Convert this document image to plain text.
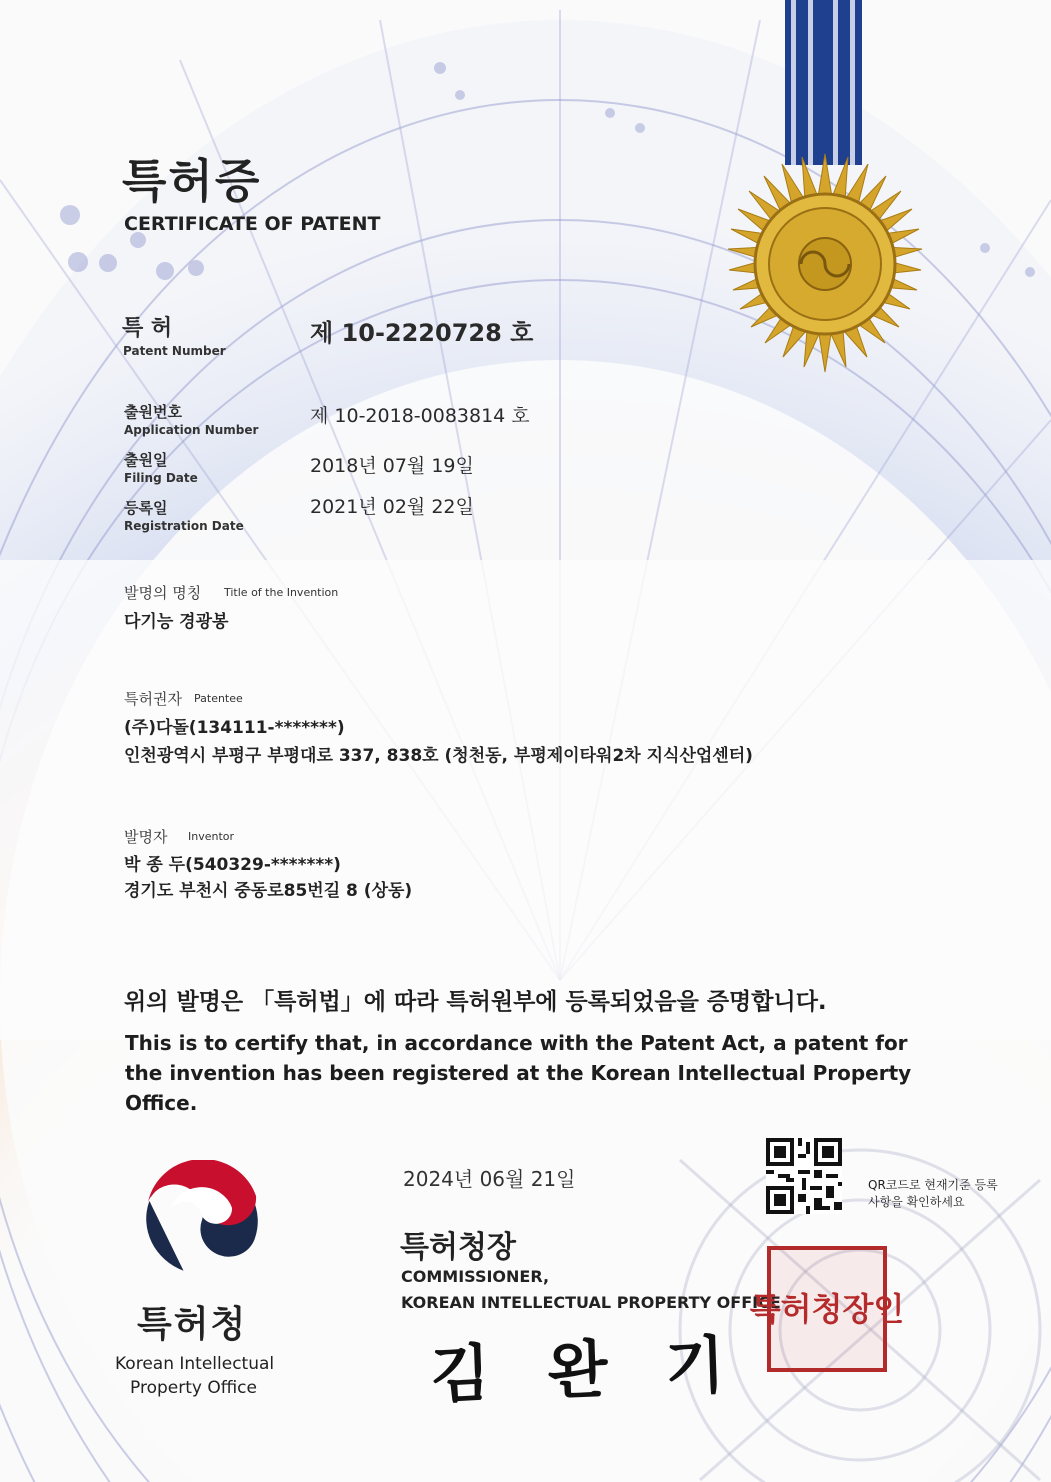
특허증
CERTIFICATE OF PATENT
특 허
Patent Number
제 10-2220728 호
출원번호
Application Number
제 10-2018-0083814 호
출원일
Filing Date
2018년 07월 19일
등록일
Registration Date
2021년 02월 22일
발명의 명칭 Title of the Invention
다기능 경광봉
특허권자 Patentee
(주)다돌(134111-*******)
인천광역시 부평구 부평대로 337, 838호 (청천동, 부평제이타워2차 지식산업센터)
발명자 Inventor
박 종 두(540329-*******)
경기도 부천시 중동로85번길 8 (상동)
위의 발명은 「특허법」에 따라 특허원부에 등록되었음을 증명합니다.
This is to certify that, in accordance with the Patent Act, a patent for the invention has been registered at the Korean Intellectual Property Office.
2024년 06월 21일
특허청장
COMMISSIONER,
KOREAN INTELLECTUAL PROPERTY OFFICE
김 완 기
QR코드로 현재기준 등록사항을 확인하세요
특허청장인
특허청
Korean Intellectual
Property Office
